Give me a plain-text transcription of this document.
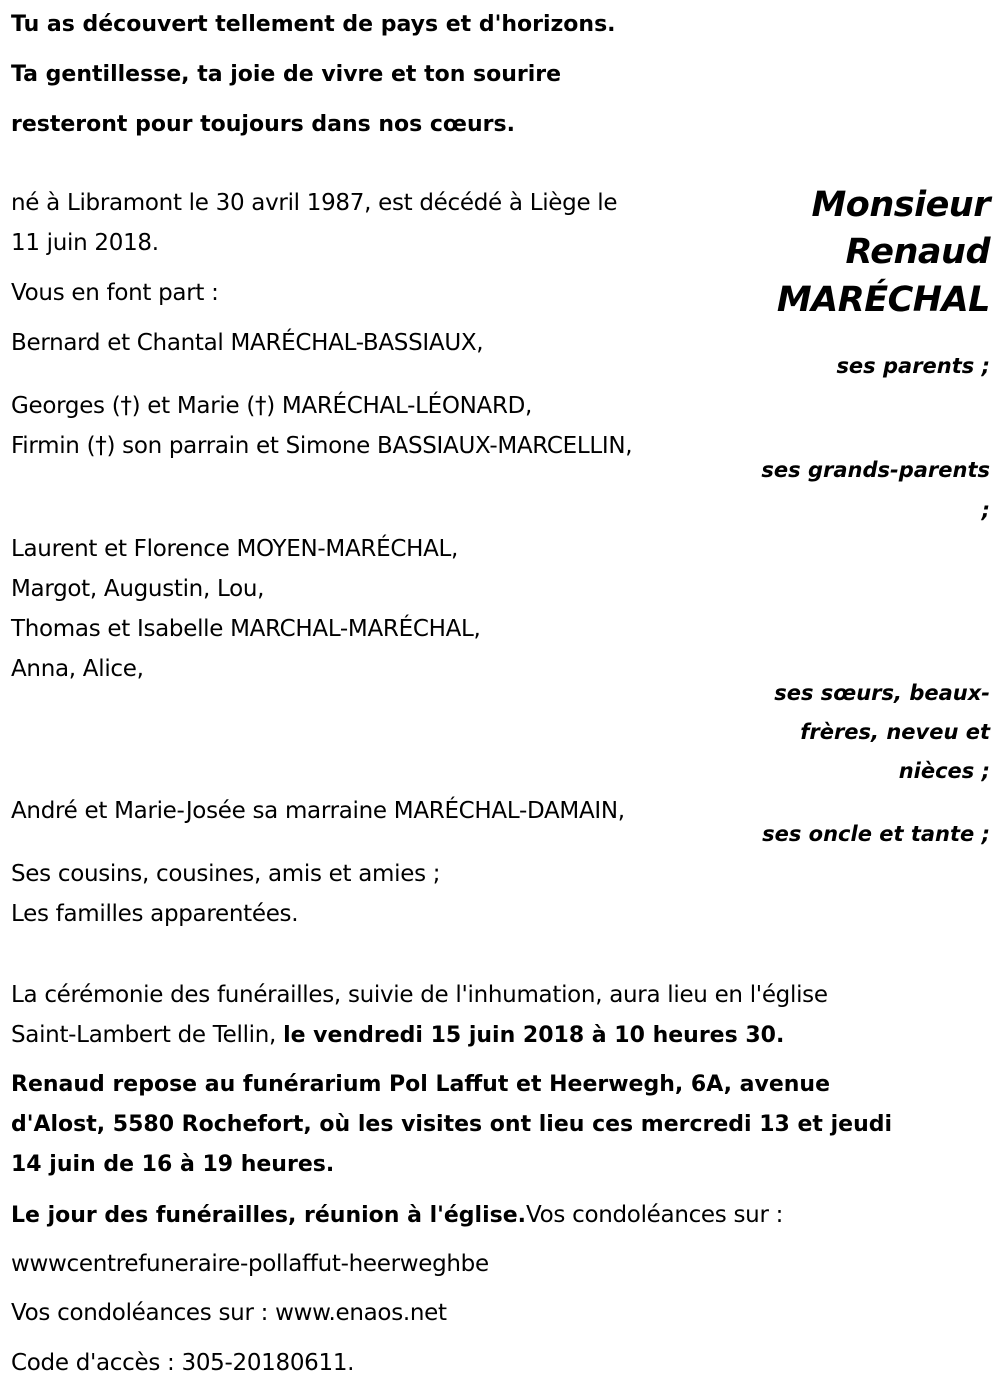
Tu as découvert tellement de pays et d'horizons.
Ta gentillesse, ta joie de vivre et ton sourire
resteront pour toujours dans nos cœurs.
Monsieur
Renaud
MARÉCHAL
né à Libramont le 30 avril 1987, est décédé à Liège le
11 juin 2018.
Vous en font part :
Bernard et Chantal MARÉCHAL-BASSIAUX,
ses parents ;
Georges (†) et Marie (†) MARÉCHAL-LÉONARD,
Firmin (†) son parrain et Simone BASSIAUX-MARCELLIN,
ses grands-parents
;
Laurent et Florence MOYEN-MARÉCHAL,
Margot, Augustin, Lou,
Thomas et Isabelle MARCHAL-MARÉCHAL,
Anna, Alice,
ses sœurs, beaux-
frères, neveu et
nièces ;
André et Marie-Josée sa marraine MARÉCHAL-DAMAIN,
ses oncle et tante ;
Ses cousins, cousines, amis et amies ;
Les familles apparentées.
La cérémonie des funérailles, suivie de l'inhumation, aura lieu en l'église
Saint-Lambert de Tellin, le vendredi 15 juin 2018 à 10 heures 30.
Renaud repose au funérarium Pol Laffut et Heerwegh, 6A, avenue
d'Alost, 5580 Rochefort, où les visites ont lieu ces mercredi 13 et jeudi
14 juin de 16 à 19 heures.
Le jour des funérailles, réunion à l'église.Vos condoléances sur :
wwwcentrefuneraire-pollaffut-heerweghbe
Vos condoléances sur : www.enaos.net
Code d'accès : 305-20180611.
